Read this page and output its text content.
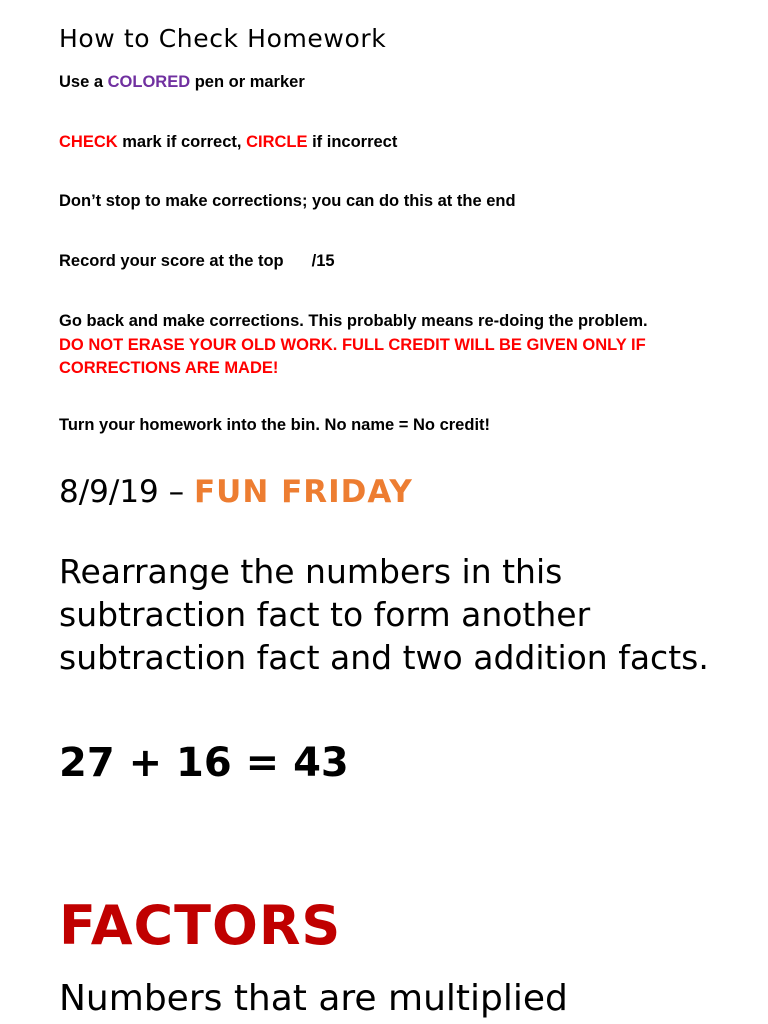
How to Check Homework
Use a COLORED pen or marker
CHECK mark if correct, CIRCLE if incorrect
Don’t stop to make corrections; you can do this at the end
Record your score at the top /15
Go back and make corrections. This probably means re-doing the problem.
DO NOT ERASE YOUR OLD WORK. FULL CREDIT WILL BE GIVEN ONLY IF CORRECTIONS ARE MADE!
Turn your homework into the bin. No name = No credit!
8/9/19 – FUN FRIDAY
Rearrange the numbers in this subtraction fact to form another subtraction fact and two addition facts.
27 + 16 = 43
FACTORS
Numbers that are multiplied
